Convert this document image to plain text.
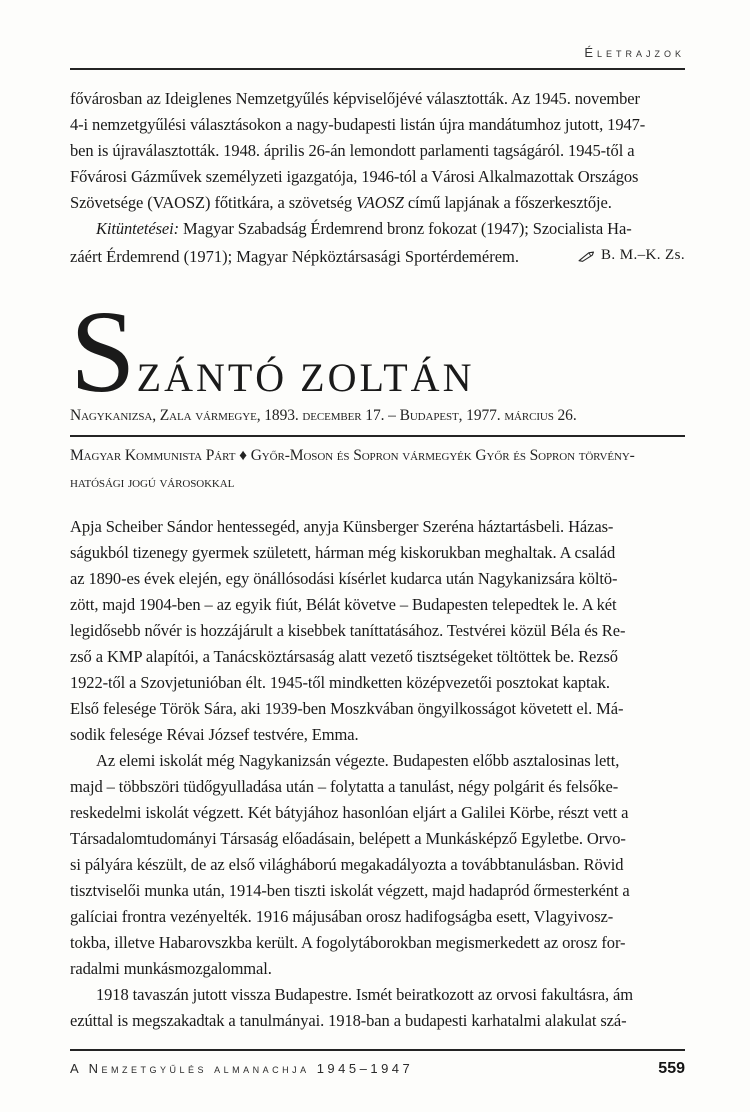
Életrajzok
fővárosban az Ideiglenes Nemzetgyűlés képviselőjévé választották. Az 1945. november
4-i nemzetgyűlési választásokon a nagy-budapesti listán újra mandátumhoz jutott, 1947-
ben is újraválasztották. 1948. április 26-án lemondott parlamenti tagságáról. 1945-től a
Fővárosi Gázművek személyzeti igazgatója, 1946-tól a Városi Alkalmazottak Országos
Szövetsége (VAOSZ) főtitkára, a szövetség VAOSZ című lapjának a főszerkesztője.
Kitüntetései: Magyar Szabadság Érdemrend bronz fokozat (1947); Szocialista Ha-
záért Érdemrend (1971); Magyar Népköztársasági Sportérdemérem.	B. M.–K. Zs.
SZÁNTÓ ZOLTÁN
Nagykanizsa, Zala vármegye, 1893. december 17. – Budapest, 1977. március 26.
Magyar Kommunista Párt ♦ Győr-Moson és Sopron vármegyék Győr és Sopron törvény-
hatósági jogú városokkal
Apja Scheiber Sándor hentessegéd, anyja Künsberger Szeréna háztartásbeli. Házas-
ságukból tizenegy gyermek született, hárman még kiskorukban meghaltak. A család
az 1890-es évek elején, egy önállósodási kísérlet kudarca után Nagykanizsára költö-
zött, majd 1904-ben – az egyik fiút, Bélát követve – Budapesten telepedtek le. A két
legidősebb nővér is hozzájárult a kisebbek taníttatásához. Testvérei közül Béla és Re-
zső a KMP alapítói, a Tanácsköztársaság alatt vezető tisztségeket töltöttek be. Rezső
1922-től a Szovjetunióban élt. 1945-től mindketten középvezetői posztokat kaptak.
Első felesége Török Sára, aki 1939-ben Moszkvában öngyilkosságot követett el. Má-
sodik felesége Révai József testvére, Emma.
Az elemi iskolát még Nagykanizsán végezte. Budapesten előbb asztalosinas lett,
majd – többszöri tüdőgyulladása után – folytatta a tanulást, négy polgárit és felsőke-
reskedelmi iskolát végzett. Két bátyjához hasonlóan eljárt a Galilei Körbe, részt vett a
Társadalomtudományi Társaság előadásain, belépett a Munkásképző Egyletbe. Orvo-
si pályára készült, de az első világháború megakadályozta a továbbtanulásban. Rövid
tisztviselői munka után, 1914-ben tiszti iskolát végzett, majd hadapród őrmesterként a
galíciai frontra vezényelték. 1916 májusában orosz hadifogságba esett, Vlagyivosz-
tokba, illetve Habarovszkba került. A fogolytáborokban megismerkedett az orosz for-
radalmi munkásmozgalommal.
1918 tavaszán jutott vissza Budapestre. Ismét beiratkozott az orvosi fakultásra, ám
ezúttal is megszakadtak a tanulmányai. 1918-ban a budapesti karhatalmi alakulat szá-
A Nemzetgyűlés almanachja 1945–1947	559
